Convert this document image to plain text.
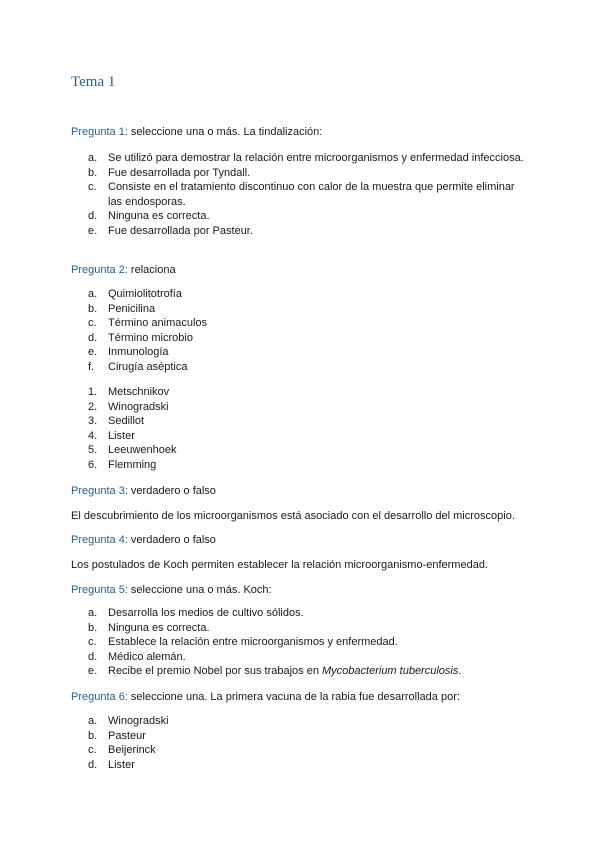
Tema 1
Pregunta 1: seleccione una o más. La tindalización:
a. Se utilizó para demostrar la relación entre microorganismos y enfermedad infecciosa.
b. Fue desarrollada por Tyndall.
c. Consiste en el tratamiento discontinuo con calor de la muestra que permite eliminar las endosporas.
d. Ninguna es correcta.
e. Fue desarrollada por Pasteur.
Pregunta 2: relaciona
a. Quimiolitotrofía
b. Penicilina
c. Término animaculos
d. Término microbio
e. Inmunología
f. Cirugía aséptica
1. Metschnikov
2. Winogradski
3. Sedillot
4. Lister
5. Leeuwenhoek
6. Flemming
Pregunta 3: verdadero o falso
El descubrimiento de los microorganismos está asociado con el desarrollo del microscopio.
Pregunta 4: verdadero o falso
Los postulados de Koch permiten establecer la relación microorganismo-enfermedad.
Pregunta 5: seleccione una o más. Koch:
a. Desarrolla los medios de cultivo sólidos.
b. Ninguna es correcta.
c. Establece la relación entre microorganismos y enfermedad.
d. Médico alemán.
e. Recibe el premio Nobel por sus trabajos en Mycobacterium tuberculosis.
Pregunta 6: seleccione una. La primera vacuna de la rabia fue desarrollada por:
a. Winogradski
b. Pasteur
c. Beijerinck
d. Lister
